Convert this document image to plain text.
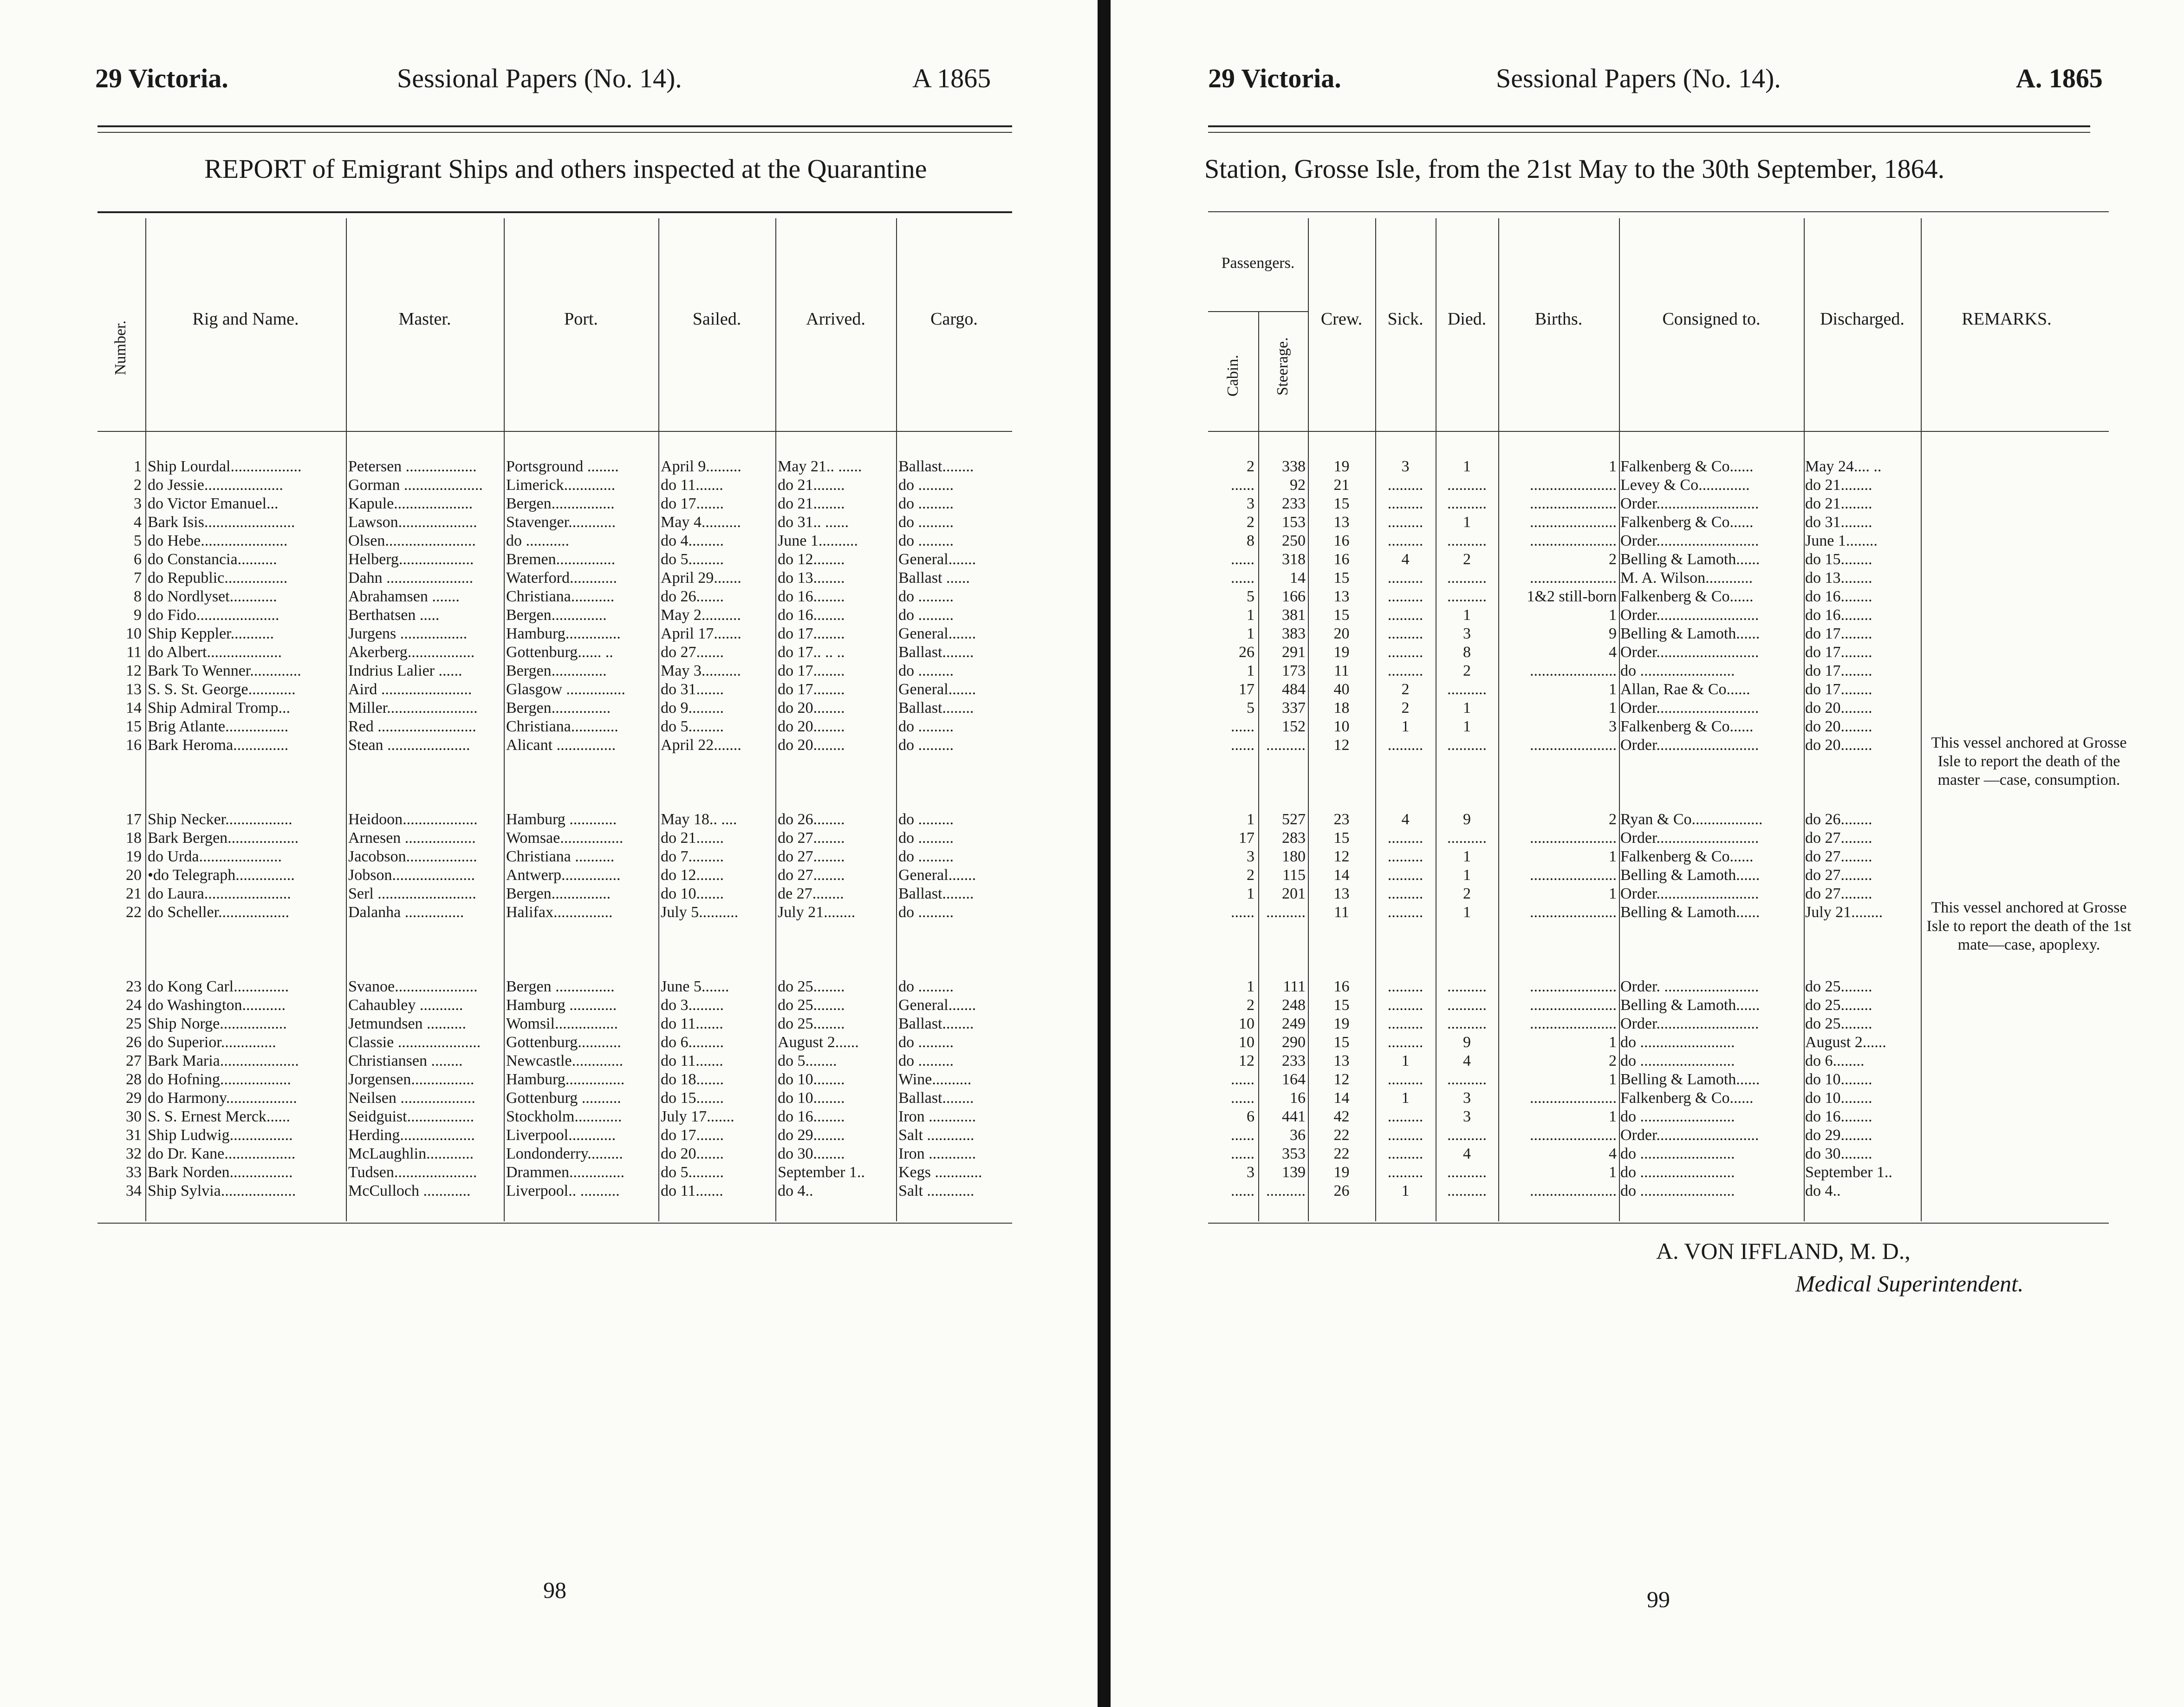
29 Victoria.	Sessional Papers (No. 14).	A 1865
REPORT of Emigrant Ships and others inspected at the Quarantine
Number.
Rig and Name.	Master.	Port.	Sailed.	Arrived.	Cargo.
98
29 Victoria.	Sessional Papers (No. 14).	A. 1865
Station, Grosse Isle, from the 21st May to the 30th September, 1864.
Passengers.
Cabin. Steerage.
Crew.	Sick.	Died.	Births.	Consigned to.	Discharged.	REMARKS.
A. VON IFFLAND, M. D.,
Medical Superintendent.
99
This vessel anchored at Grosse Isle to report the death of the master —case, consumption.
This vessel anchored at Grosse Isle to report the death of the 1st mate—case, apoplexy.
1 Ship Lourdal..................	Petersen ..................	Portsground ........	April 9.........	May 21.. ......	Ballast........	2	338	19	3	1	1 Falkenberg & Co......	May 24.... ..
2 do Jessie....................	Gorman ....................	Limerick.............	do 11.......	do 21........	do .........	......	92	21	.........	..........	...................... Levey & Co.............	do 21........
3 do Victor Emanuel...	Kapule....................	Bergen................	do 17.......	do 21........	do .........	3	233	15	.........	..........	...................... Order..........................	do 21........
4 Bark Isis.......................	Lawson....................	Stavenger............	May 4..........	do 31.. ......	do .........	2	153	13	.........	1	...................... Falkenberg & Co......	do 31........
5 do Hebe......................	Olsen.......................	do ...........	do 4.........	June 1..........	do .........	8	250	16	.........	..........	...................... Order..........................	June 1........
6 do Constancia..........	Helberg...................	Bremen...............	do 5.........	do 12........	General.......	......	318	16	4	2	2 Belling & Lamoth......	do 15........
7 do Republic................	Dahn ......................	Waterford............	April 29.......	do 13........	Ballast ......	......	14	15	.........	..........	...................... M. A. Wilson............	do 13........
8 do Nordlyset............	Abrahamsen .......	Christiana...........	do 26.......	do 16........	do .........	5	166	13	.........	..........	1&2 still-born Falkenberg & Co......	do 16........
9 do Fido.....................	Berthatsen .....	Bergen..............	May 2..........	do 16........	do .........	1	381	15	.........	1	1 Order..........................	do 16........
10 Ship Keppler...........	Jurgens .................	Hamburg..............	April 17.......	do 17........	General.......	1	383	20	.........	3	9 Belling & Lamoth......	do 17........
11 do Albert...................	Akerberg.................	Gottenburg...... ..	do 27.......	do 17.. .. ..	Ballast........	26	291	19	.........	8	4 Order..........................	do 17........
12 Bark To Wenner.............	Indrius Lalier ......	Bergen..............	May 3..........	do 17........	do .........	1	173	11	.........	2	...................... do ........................	do 17........
13 S. S. St. George............	Aird .......................	Glasgow ...............	do 31.......	do 17........	General.......	17	484	40	2	..........	1 Allan, Rae & Co......	do 17........
14 Ship Admiral Tromp...	Miller.......................	Bergen...............	do 9.........	do 20........	Ballast........	5	337	18	2	1	1 Order..........................	do 20........
15 Brig Atlante................	Red .........................	Christiana............	do 5.........	do 20........	do .........	......	152	10	1	1	3 Falkenberg & Co......	do 20........
16 Bark Heroma..............	Stean .....................	Alicant ...............	April 22.......	do 20........	do .........	...... ..........	12	.........	..........	...................... Order..........................	do 20........
17 Ship Necker.................	Heidoon...................	Hamburg ............	May 18.. ....	do 26........	do .........	1	527	23	4	9	2 Ryan & Co..................	do 26........
18 Bark Bergen..................	Arnesen ..................	Womsae................	do 21.......	do 27........	do .........	17	283	15	.........	..........	...................... Order..........................	do 27........
19 do Urda.....................	Jacobson..................	Christiana ..........	do 7.........	do 27........	do .........	3	180	12	.........	1	1 Falkenberg & Co......	do 27........
20 •do Telegraph...............	Jobson.....................	Antwerp...............	do 12.......	do 27........	General.......	2	115	14	.........	1	...................... Belling & Lamoth......	do 27........
21 do Laura......................	Serl .........................	Bergen...............	do 10.......	de 27........	Ballast........	1	201	13	.........	2	1 Order..........................	do 27........
22 do Scheller..................	Dalanha ...............	Halifax...............	July 5..........	July 21........	do .........	...... ..........	11	.........	1	...................... Belling & Lamoth......	July 21........
23 do Kong Carl..............	Svanoe.....................	Bergen ...............	June 5.......	do 25........	do .........	1	111	16	.........	..........	...................... Order. ........................	do 25........
24 do Washington...........	Cahaubley ...........	Hamburg ............	do 3.........	do 25........	General.......	2	248	15	.........	..........	...................... Belling & Lamoth......	do 25........
25 Ship Norge.................	Jetmundsen ..........	Womsil................	do 11.......	do 25........	Ballast........	10	249	19	.........	..........	...................... Order..........................	do 25........
26 do Superior..............	Classie .....................	Gottenburg...........	do 6.........	August 2......	do .........	10	290	15	.........	9	1 do ........................	August 2......
27 Bark Maria....................	Christiansen ........	Newcastle.............	do 11.......	do 5........	do .........	12	233	13	1	4	2 do ........................	do 6........
28 do Hofning..................	Jorgensen................	Hamburg...............	do 18.......	do 10........	Wine..........	......	164	12	.........	..........	1 Belling & Lamoth......	do 10........
29 do Harmony..................	Neilsen ...................	Gottenburg ..........	do 15.......	do 10........	Ballast........	......	16	14	1	3	...................... Falkenberg & Co......	do 10........
30 S. S. Ernest Merck......	Seidguist.................	Stockholm............	July 17.......	do 16........	Iron ............	6	441	42	.........	3	1 do ........................	do 16........
31 Ship Ludwig................	Herding...................	Liverpool............	do 17.......	do 29........	Salt ............	......	36	22	.........	..........	...................... Order..........................	do 29........
32 do Dr. Kane..................	McLaughlin............	Londonderry.........	do 20.......	do 30........	Iron ............	......	353	22	.........	4	4 do ........................	do 30........
33 Bark Norden................	Tudsen.....................	Drammen..............	do 5.........	September 1..	Kegs ............	3	139	19	.........	..........	1 do ........................	September 1..
34 Ship Sylvia...................	McCulloch ............	Liverpool.. ..........	do 11.......	do 4..	Salt ............	...... ..........	26	1	..........	...................... do ........................	do 4..
